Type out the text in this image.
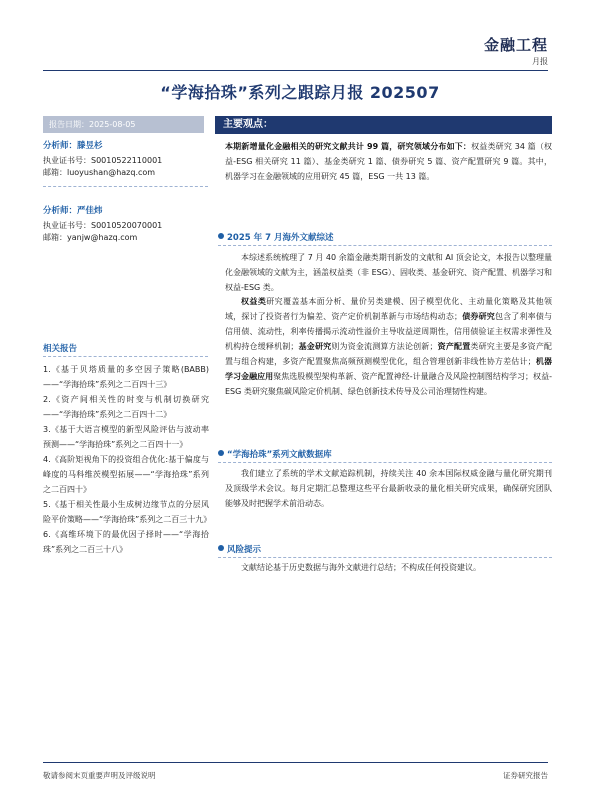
金融工程
月报
“学海拾珠”系列之跟踪月报 202507
报告日期：2025-08-05
分析师：滕昱杉
执业证书号：S0010522110001
邮箱：luoyushan@hazq.com
分析师：严佳炜
执业证书号：S0010520070001
邮箱：yanjw@hazq.com
相关报告
1.《基于贝塔质量的多空因子策略(BABB)——“学海拾珠”系列之二百四十三》
2.《资产间相关性的时变与机制切换研究——“学海拾珠”系列之二百四十二》
3.《基于大语言模型的新型风险评估与波动率预测——“学海拾珠”系列之二百四十一》
4.《高阶矩视角下的投资组合优化:基于偏度与峰度的马科维茨模型拓展——“学海拾珠”系列之二百四十》
5.《基于相关性最小生成树边缘节点的分层风险平价策略——“学海拾珠”系列之二百三十九》
6.《高维环境下的最优因子择时——“学海拾珠”系列之二百三十八》
主要观点：
本期新增量化金融相关的研究文献共计 99 篇，研究领域分布如下：权益类研究 34 篇（权益-ESG 相关研究 11 篇）、基金类研究 1 篇、债券研究 5 篇、资产配置研究 9 篇。其中，机器学习在金融领域的应用研究 45 篇，ESG 一共 13 篇。
2025 年 7 月海外文献综述
本综述系统梳理了 7 月 40 余篇金融类期刊新发的文献和 AI 顶会论文，本报告以整理量化金融领域的文献为主，涵盖权益类（非 ESG）、固收类、基金研究、资产配置、机器学习和权益-ESG 类。
权益类研究覆盖基本面分析、量价另类建模、因子模型优化、主动量化策略及其他领域，探讨了投资者行为偏差、资产定价机制革新与市场结构动态；债券研究包含了利率债与信用债、流动性，利率传播揭示流动性溢价主导收益逆周期性，信用债验证主权需求弹性及机构持仓缓释机制；基金研究则为资金流测算方法论创新；资产配置类研究主要是多资产配置与组合构建，多资产配置聚焦高频预测模型优化，组合管理创新非线性协方差估计；机器学习金融应用聚焦选股模型架构革新、资产配置神经-计量融合及风险控制图结构学习；权益-ESG 类研究聚焦碳风险定价机制、绿色创新技术传导及公司治理韧性构建。
“学海拾珠”系列文献数据库
我们建立了系统的学术文献追踪机制，持续关注 40 余本国际权威金融与量化研究期刊及顶级学术会议。每月定期汇总整理这些平台最新收录的量化相关研究成果，确保研究团队能够及时把握学术前沿动态。
风险提示
文献结论基于历史数据与海外文献进行总结；不构成任何投资建议。
敬请参阅末页重要声明及评级说明	证券研究报告
